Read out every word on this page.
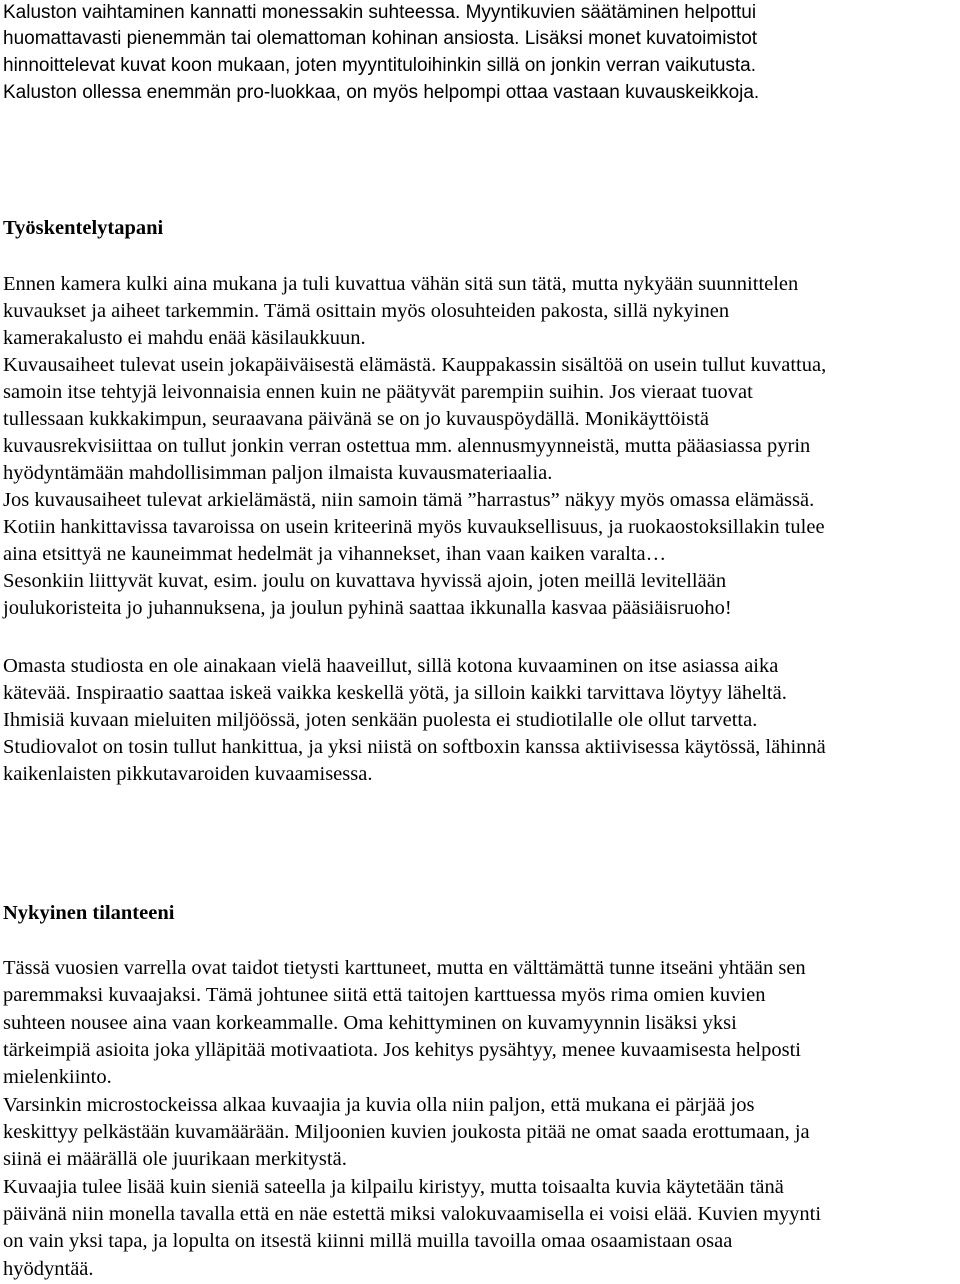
Kaluston vaihtaminen kannatti monessakin suhteessa. Myyntikuvien säätäminen helpottui
huomattavasti pienemmän tai olemattoman kohinan ansiosta. Lisäksi monet kuvatoimistot
hinnoittelevat kuvat koon mukaan, joten myyntituloihinkin sillä on jonkin verran vaikutusta.
Kaluston ollessa enemmän pro-luokkaa, on myös helpompi ottaa vastaan kuvauskeikkoja.
Työskentelytapani
Ennen kamera kulki aina mukana ja tuli kuvattua vähän sitä sun tätä, mutta nykyään suunnittelen
kuvaukset ja aiheet tarkemmin. Tämä osittain myös olosuhteiden pakosta, sillä nykyinen
kamerakalusto ei mahdu enää käsilaukkuun.
Kuvausaiheet tulevat usein jokapäiväisestä elämästä. Kauppakassin sisältöä on usein tullut kuvattua,
samoin itse tehtyjä leivonnaisia ennen kuin ne päätyvät parempiin suihin. Jos vieraat tuovat
tullessaan kukkakimpun, seuraavana päivänä se on jo kuvauspöydällä. Monikäyttöistä
kuvausrekvisiittaa on tullut jonkin verran ostettua mm. alennusmyynneistä, mutta pääasiassa pyrin
hyödyntämään mahdollisimman paljon ilmaista kuvausmateriaalia.
Jos kuvausaiheet tulevat arkielämästä, niin samoin tämä ”harrastus” näkyy myös omassa elämässä.
Kotiin hankittavissa tavaroissa on usein kriteerinä myös kuvauksellisuus, ja ruokaostoksillakin tulee
aina etsittyä ne kauneimmat hedelmät ja vihannekset, ihan vaan kaiken varalta…
Sesonkiin liittyvät kuvat, esim. joulu on kuvattava hyvissä ajoin, joten meillä levitellään
joulukoristeita jo juhannuksena, ja joulun pyhinä saattaa ikkunalla kasvaa pääsiäisruoho!
Omasta studiosta en ole ainakaan vielä haaveillut, sillä kotona kuvaaminen on itse asiassa aika
kätevää. Inspiraatio saattaa iskeä vaikka keskellä yötä, ja silloin kaikki tarvittava löytyy läheltä.
Ihmisiä kuvaan mieluiten miljöössä, joten senkään puolesta ei studiotilalle ole ollut tarvetta.
Studiovalot on tosin tullut hankittua, ja yksi niistä on softboxin kanssa aktiivisessa käytössä, lähinnä
kaikenlaisten pikkutavaroiden kuvaamisessa.
Nykyinen tilanteeni
Tässä vuosien varrella ovat taidot tietysti karttuneet, mutta en välttämättä tunne itseäni yhtään sen
paremmaksi kuvaajaksi. Tämä johtunee siitä että taitojen karttuessa myös rima omien kuvien
suhteen nousee aina vaan korkeammalle. Oma kehittyminen on kuvamyynnin lisäksi yksi
tärkeimpiä asioita joka ylläpitää motivaatiota. Jos kehitys pysähtyy, menee kuvaamisesta helposti
mielenkiinto.
Varsinkin microstockeissa alkaa kuvaajia ja kuvia olla niin paljon, että mukana ei pärjää jos
keskittyy pelkästään kuvamäärään. Miljoonien kuvien joukosta pitää ne omat saada erottumaan, ja
siinä ei määrällä ole juurikaan merkitystä.
Kuvaajia tulee lisää kuin sieniä sateella ja kilpailu kiristyy, mutta toisaalta kuvia käytetään tänä
päivänä niin monella tavalla että en näe estettä miksi valokuvaamisella ei voisi elää. Kuvien myynti
on vain yksi tapa, ja lopulta on itsestä kiinni millä muilla tavoilla omaa osaamistaan osaa
hyödyntää.
